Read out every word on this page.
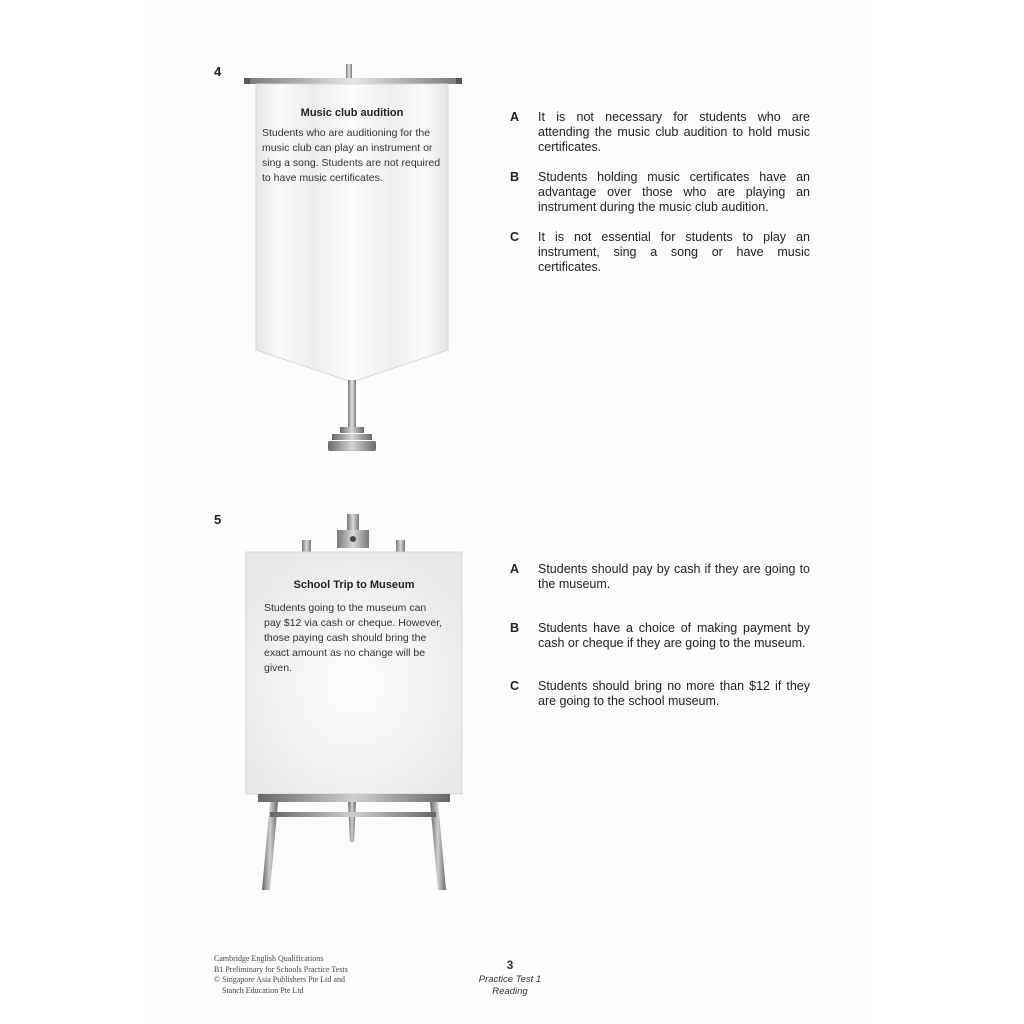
4
Music club audition
Students who are auditioning for the music club can play an instrument or sing a song. Students are not required to have music certificates.
A	It is not necessary for students who are attending the music club audition to hold music certificates.
B	Students holding music certificates have an advantage over those who are playing an instrument during the music club audition.
C	It is not essential for students to play an instrument, sing a song or have music certificates.
5
School Trip to Museum
Students going to the museum can pay $12 via cash or cheque. However, those paying cash should bring the exact amount as no change will be given.
A	Students should pay by cash if they are going to the museum.
B	Students have a choice of making payment by cash or cheque if they are going to the museum.
C	Students should bring no more than $12 if they are going to the school museum.
Cambridge English Qualifications
B1 Preliminary for Schools Practice Tests
© Singapore Asia Publishers Pte Ltd and
Stanch Education Pte Ltd
3
Practice Test 1
Reading
